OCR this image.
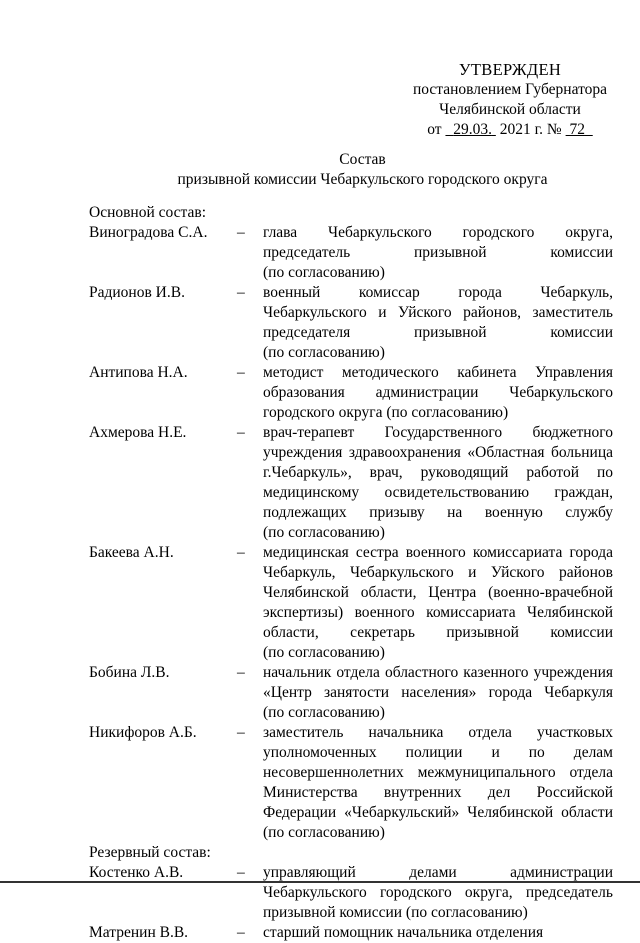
УТВЕРЖДЕН
постановлением Губернатора
Челябинской области
от 29.03. 2021 г. № 72
Состав
призывной комиссии Чебаркульского городского округа
Основной состав:
Виноградова С.А.	–	глава Чебаркульского городского округа,
председатель призывной комиссии
(по согласованию)
Радионов И.В.	–	военный комиссар города Чебаркуль,
Чебаркульского и Уйского районов, заместитель
председателя призывной комиссии
(по согласованию)
Антипова Н.А.	–	методист методического кабинета Управления
образования администрации Чебаркульского
городского округа (по согласованию)
Ахмерова Н.Е.	–	врач-терапевт Государственного бюджетного
учреждения здравоохранения «Областная больница
г.Чебаркуль», врач, руководящий работой по
медицинскому освидетельствованию граждан,
подлежащих призыву на военную службу
(по согласованию)
Бакеева А.Н.	–	медицинская сестра военного комиссариата города
Чебаркуль, Чебаркульского и Уйского районов
Челябинской области, Центра (военно-врачебной
экспертизы) военного комиссариата Челябинской
области, секретарь призывной комиссии
(по согласованию)
Бобина Л.В.	–	начальник отдела областного казенного учреждения
«Центр занятости населения» города Чебаркуля
(по согласованию)
Никифоров А.Б.	–	заместитель начальника отдела участковых
уполномоченных полиции и по делам
несовершеннолетних межмуниципального отдела
Министерства внутренних дел Российской
Федерации «Чебаркульский» Челябинской области
(по согласованию)
Резервный состав:
Костенко А.В.	–	управляющий делами администрации
Чебаркульского городского округа, председатель
призывной комиссии (по согласованию)
Матренин В.В.	–	старший помощник начальника отделения
